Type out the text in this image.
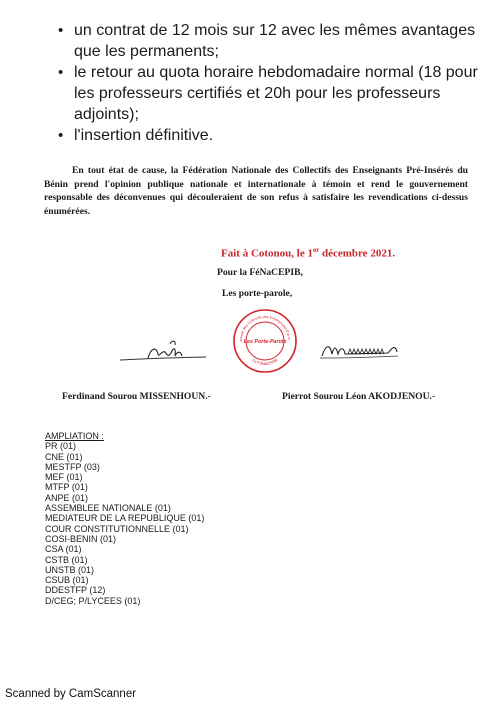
• un contrat de 12 mois sur 12 avec les mêmes avantages que les permanents;
• le retour au quota horaire hebdomadaire normal (18 pour les professeurs certifiés et 20h pour les professeurs adjoints);
• l'insertion définitive.

En tout état de cause, la Fédération Nationale des Collectifs des Enseignants Pré-Insérés du Bénin prend l'opinion publique nationale et internationale à témoin et rend le gouvernement responsable des déconvenues qui découleraient de son refus à satisfaire les revendications ci-dessus énumérées.

Fait à Cotonou, le 1er décembre 2021.
Pour la FéNaCEPIB,
Les porte-parole,
tionale des Collectifs des Enseignants Pré-In
Les Porte-Parole
La FéNaCEPIB
Ferdinand Sourou MISSENHOUN.-	Pierrot Sourou Léon AKODJENOU.-
AMPLIATION :
PR (01)
CNE (01)
MESTFP (03)
MEF (01)
MTFP (01)
ANPE (01)
ASSEMBLEE NATIONALE (01)
MEDIATEUR DE LA REPUBLIQUE (01)
COUR CONSTITUTIONNELLE (01)
COSI-BENIN (01)
CSA (01)
CSTB (01)
UNSTB (01)
CSUB (01)
DDESTFP (12)
D/CEG; P/LYCEES (01)
Scanned by CamScanner
